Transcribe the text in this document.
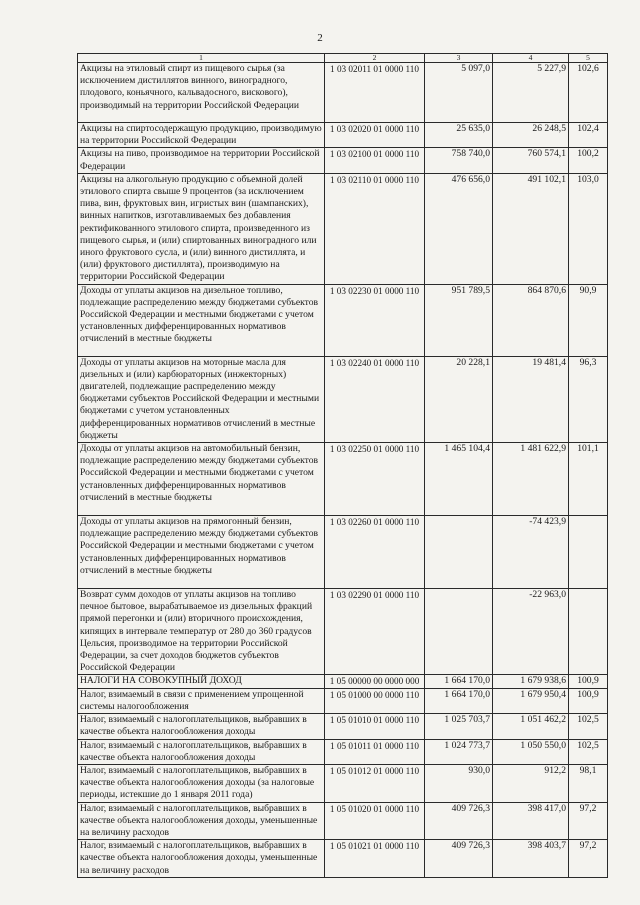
2
1	2	3	4	5
Акцизы на этиловый спирт из пищевого сырья (за исключением дистиллятов винного, виноградного, плодового, коньячного, кальвадосного, вискового), производимый на территории Российской Федерации	1 03 02011 01 0000 110	5 097,0	5 227,9	102,6
Акцизы на спиртосодержащую продукцию, производимую на территории Российской Федерации	1 03 02020 01 0000 110	25 635,0	26 248,5	102,4
Акцизы на пиво, производимое на территории Российской Федерации	1 03 02100 01 0000 110	758 740,0	760 574,1	100,2
Акцизы на алкогольную продукцию с объемной долей этилового спирта свыше 9 процентов (за исключением пива, вин, фруктовых вин, игристых вин (шампанских), винных напитков, изготавливаемых без добавления ректификованного этилового спирта, произведенного из пищевого сырья, и (или) спиртованных виноградного или иного фруктового сусла, и (или) винного дистиллята, и (или) фруктового дистиллята), производимую на территории Российской Федерации	1 03 02110 01 0000 110	476 656,0	491 102,1	103,0
Доходы от уплаты акцизов на дизельное топливо, подлежащие распределению между бюджетами субъектов Российской Федерации и местными бюджетами с учетом установленных дифференцированных нормативов отчислений в местные бюджеты	1 03 02230 01 0000 110	951 789,5	864 870,6	90,9
Доходы от уплаты акцизов на моторные масла для дизельных и (или) карбюраторных (инжекторных) двигателей, подлежащие распределению между бюджетами субъектов Российской Федерации и местными бюджетами с учетом установленных дифференцированных нормативов отчислений в местные бюджеты	1 03 02240 01 0000 110	20 228,1	19 481,4	96,3
Доходы от уплаты акцизов на автомобильный бензин, подлежащие распределению между бюджетами субъектов Российской Федерации и местными бюджетами с учетом установленных дифференцированных нормативов отчислений в местные бюджеты	1 03 02250 01 0000 110	1 465 104,4	1 481 622,9	101,1
Доходы от уплаты акцизов на прямогонный бензин, подлежащие распределению между бюджетами субъектов Российской Федерации и местными бюджетами с учетом установленных дифференцированных нормативов отчислений в местные бюджеты	1 03 02260 01 0000 110		-74 423,9	
Возврат сумм доходов от уплаты акцизов на топливо печное бытовое, вырабатываемое из дизельных фракций прямой перегонки и (или) вторичного происхождения, кипящих в интервале температур от 280 до 360 градусов Цельсия, производимое на территории Российской Федерации, за счет доходов бюджетов субъектов Российской Федерации	1 03 02290 01 0000 110		-22 963,0	
НАЛОГИ НА СОВОКУПНЫЙ ДОХОД	1 05 00000 00 0000 000	1 664 170,0	1 679 938,6	100,9
Налог, взимаемый в связи с применением упрощенной системы налогообложения	1 05 01000 00 0000 110	1 664 170,0	1 679 950,4	100,9
Налог, взимаемый с налогоплательщиков, выбравших в качестве объекта налогообложения доходы	1 05 01010 01 0000 110	1 025 703,7	1 051 462,2	102,5
Налог, взимаемый с налогоплательщиков, выбравших в качестве объекта налогообложения доходы	1 05 01011 01 0000 110	1 024 773,7	1 050 550,0	102,5
Налог, взимаемый с налогоплательщиков, выбравших в качестве объекта налогообложения доходы (за налоговые периоды, истекшие до 1 января 2011 года)	1 05 01012 01 0000 110	930,0	912,2	98,1
Налог, взимаемый с налогоплательщиков, выбравших в качестве объекта налогообложения доходы, уменьшенные на величину расходов	1 05 01020 01 0000 110	409 726,3	398 417,0	97,2
Налог, взимаемый с налогоплательщиков, выбравших в качестве объекта налогообложения доходы, уменьшенные на величину расходов	1 05 01021 01 0000 110	409 726,3	398 403,7	97,2
